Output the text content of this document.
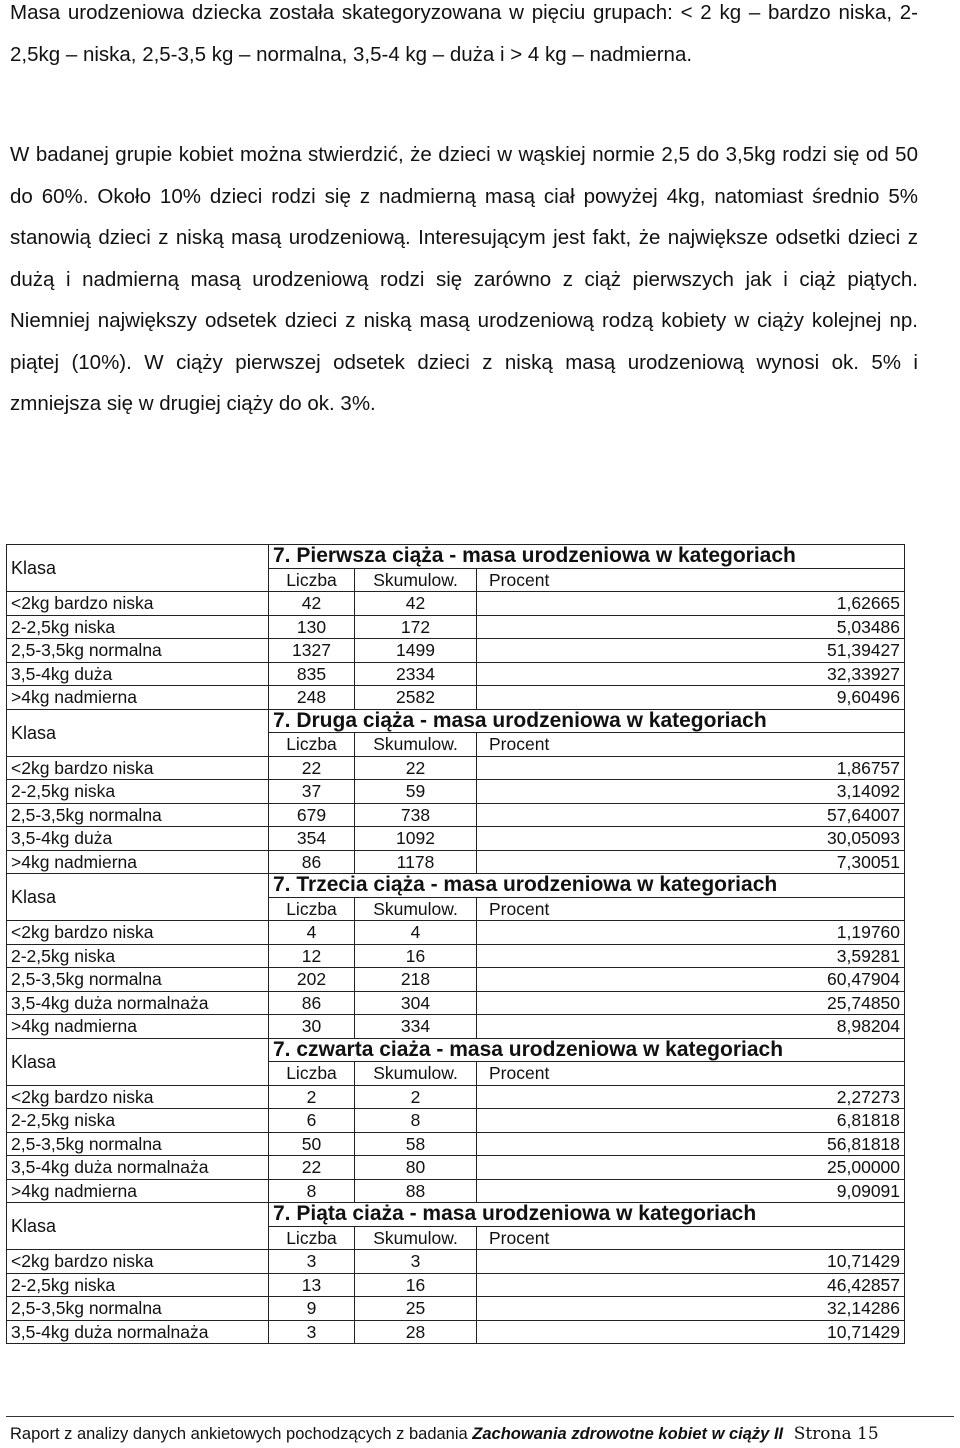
Masa urodzeniowa dziecka została skategoryzowana w pięciu grupach: < 2 kg – bardzo niska, 2-2,5kg – niska, 2,5-3,5 kg – normalna, 3,5-4 kg – duża i > 4 kg – nadmierna.
W badanej grupie kobiet można stwierdzić, że dzieci w wąskiej normie 2,5 do 3,5kg rodzi się od 50 do 60%. Około 10% dzieci rodzi się z nadmierną masą ciał powyżej 4kg, natomiast średnio 5% stanowią dzieci z niską masą urodzeniową. Interesującym jest fakt, że największe odsetki dzieci z dużą i nadmierną masą urodzeniową rodzi się zarówno z ciąż pierwszych jak i ciąż piątych. Niemniej największy odsetek dzieci z niską masą urodzeniową rodzą kobiety w ciąży kolejnej np. piątej (10%). W ciąży pierwszej odsetek dzieci z niską masą urodzeniową wynosi ok. 5% i zmniejsza się w drugiej ciąży do ok. 3%.
Klasa	7. Pierwsza ciąża - masa urodzeniowa w kategoriach		
	Liczba	Skumulow.	Procent
<2kg bardzo niska	42	42	1,62665
2-2,5kg niska	130	172	5,03486
2,5-3,5kg normalna	1327	1499	51,39427
3,5-4kg duża	835	2334	32,33927
>4kg nadmierna	248	2582	9,60496
Klasa	7. Druga ciąża - masa urodzeniowa w kategoriach		
	Liczba	Skumulow.	Procent
<2kg bardzo niska	22	22	1,86757
2-2,5kg niska	37	59	3,14092
2,5-3,5kg normalna	679	738	57,64007
3,5-4kg duża	354	1092	30,05093
>4kg nadmierna	86	1178	7,30051
Klasa	7. Trzecia ciąża - masa urodzeniowa w kategoriach		
	Liczba	Skumulow.	Procent
<2kg bardzo niska	4	4	1,19760
2-2,5kg niska	12	16	3,59281
2,5-3,5kg normalna	202	218	60,47904
3,5-4kg duża normalnaża	86	304	25,74850
>4kg nadmierna	30	334	8,98204
Klasa	7. czwarta ciaża - masa urodzeniowa w kategoriach		
	Liczba	Skumulow.	Procent
<2kg bardzo niska	2	2	2,27273
2-2,5kg niska	6	8	6,81818
2,5-3,5kg normalna	50	58	56,81818
3,5-4kg duża normalnaża	22	80	25,00000
>4kg nadmierna	8	88	9,09091
Klasa	7. Piąta ciaża - masa urodzeniowa w kategoriach		
	Liczba	Skumulow.	Procent
<2kg bardzo niska	3	3	10,71429
2-2,5kg niska	13	16	46,42857
2,5-3,5kg normalna	9	25	32,14286
3,5-4kg duża normalnaża	3	28	10,71429
Raport z analizy danych ankietowych pochodzących z badania Zachowania zdrowotne kobiet w ciąży II Strona 15
